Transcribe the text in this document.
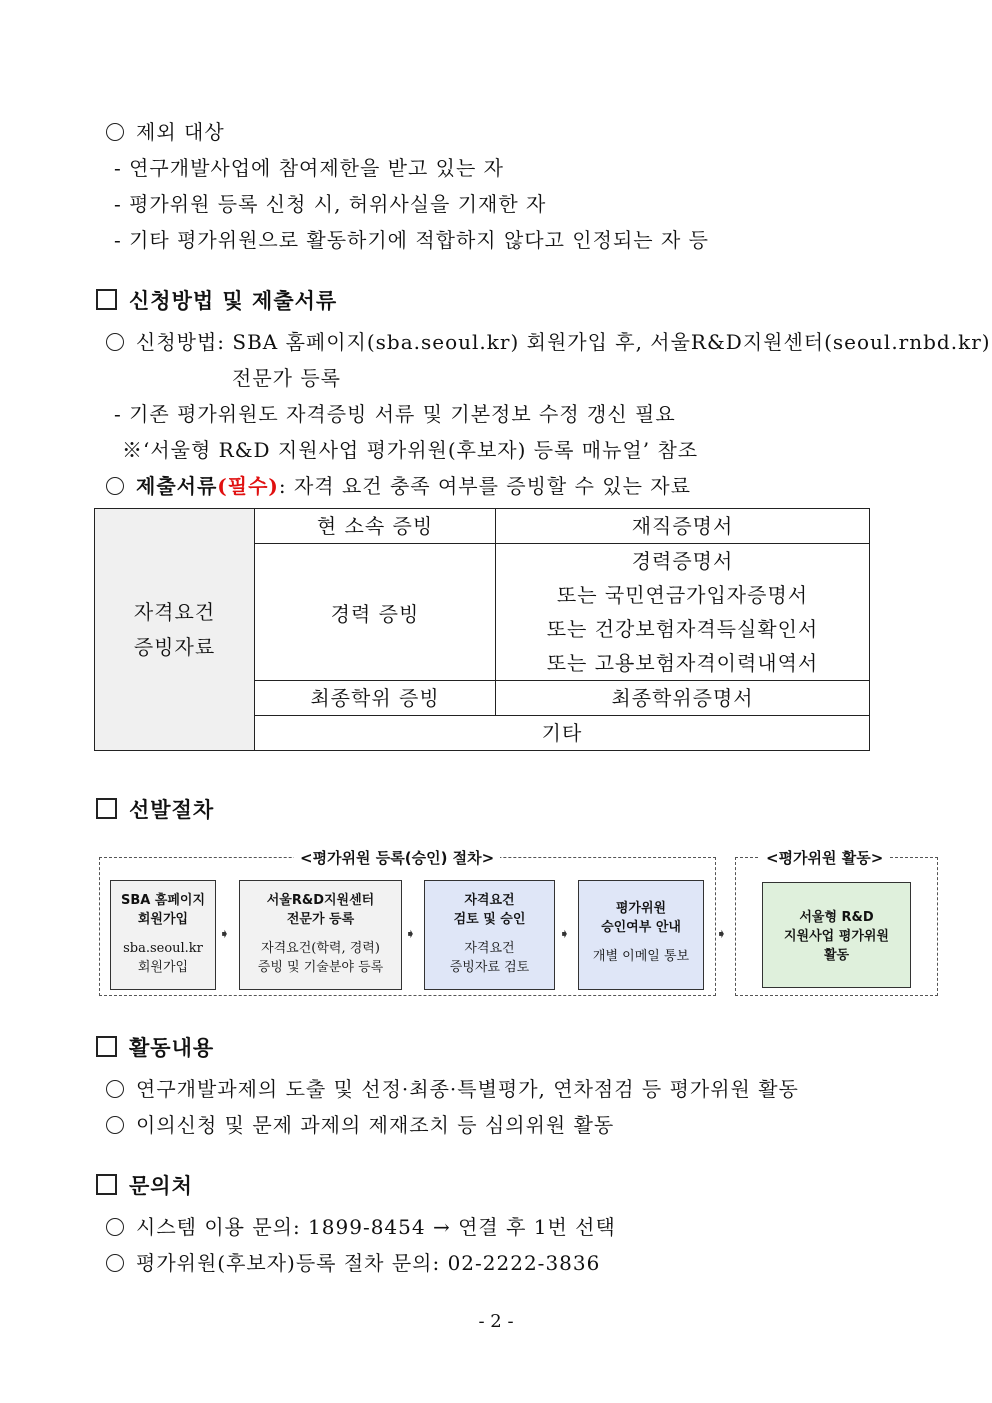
제외 대상
- 연구개발사업에 참여제한을 받고 있는 자
- 평가위원 등록 신청 시, 허위사실을 기재한 자
- 기타 평가위원으로 활동하기에 적합하지 않다고 인정되는 자 등
신청방법 및 제출서류
신청방법: SBA 홈페이지(sba.seoul.kr) 회원가입 후, 서울R&D지원센터(seoul.rnbd.kr)
전문가 등록
- 기존 평가위원도 자격증빙 서류 및 기본정보 수정 갱신 필요
※‘서울형 R&D 지원사업 평가위원(후보자) 등록 매뉴얼’ 참조
제출서류(필수): 자격 요건 충족 여부를 증빙할 수 있는 자료
자격요건
증빙자료	현 소속 증빙	재직증명서
	경력 증빙	경력증명서
또는 국민연금가입자증명서
또는 건강보험자격득실확인서
또는 고용보험자격이력내역서

	최종학위 증빙	최종학위증명서
	기타	
선발절차
<평가위원 등록(승인) 절차>	<평가위원 활동>
SBA 홈페이지
회원가입
sba.seoul.kr
회원가입
➧
서울R&D지원센터
전문가 등록
자격요건(학력, 경력)
증빙 및 기술분야 등록
➧
자격요건
검토 및 승인
자격요건
증빙자료 검토
➧
평가위원
승인여부 안내
개별 이메일 통보
➧
서울형 R&D
지원사업 평가위원
활동
활동내용
연구개발과제의 도출 및 선정·최종·특별평가, 연차점검 등 평가위원 활동
이의신청 및 문제 과제의 제재조치 등 심의위원 활동
문의처
시스템 이용 문의: 1899-8454 → 연결 후 1번 선택
평가위원(후보자)등록 절차 문의: 02-2222-3836
- 2 -
